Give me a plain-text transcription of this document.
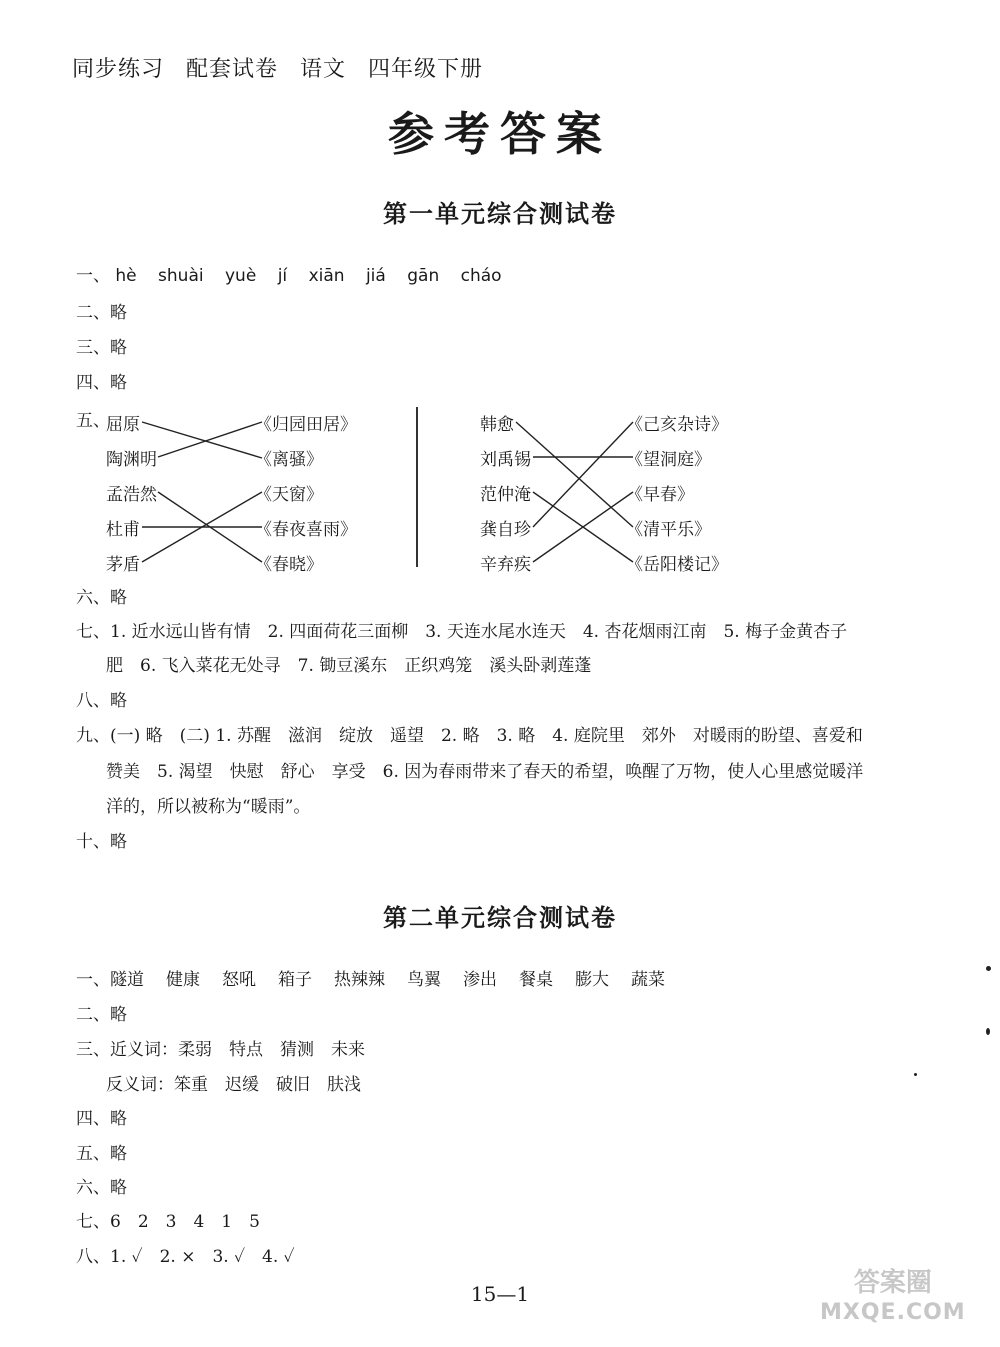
同步练习 配套试卷 语文 四年级下册
参考答案
第一单元综合测试卷
一、 hè shuài yuè jí xiān jiá gān cháo
二、略
三、略
四、略
五、
屈原
陶渊明
孟浩然
杜甫
茅盾
《归园田居》
《离骚》
《天窗》
《春夜喜雨》
《春晓》
韩愈
刘禹锡
范仲淹
龚自珍
辛弃疾
《己亥杂诗》
《望洞庭》
《早春》
《清平乐》
《岳阳楼记》
六、略
七、1. 近水远山皆有情　2. 四面荷花三面柳　3. 天连水尾水连天　4. 杏花烟雨江南　5. 梅子金黄杏子
肥　6. 飞入菜花无处寻　7. 锄豆溪东　正织鸡笼　溪头卧剥莲蓬
八、略
九、(一) 略　(二) 1. 苏醒　滋润　绽放　遥望　2. 略　3. 略　4. 庭院里　郊外　对暖雨的盼望、喜爱和
赞美　5. 渴望　快慰　舒心　享受　6. 因为春雨带来了春天的希望，唤醒了万物，使人心里感觉暖洋
洋的，所以被称为“暖雨”。
十、略
第二单元综合测试卷
一、隧道 健康 怒吼 箱子 热辣辣 鸟翼 渗出 餐桌 膨大 蔬菜
二、略
三、近义词：柔弱　特点　猜测　未来
反义词：笨重　迟缓　破旧　肤浅
四、略
五、略
六、略
七、6　2　3　4　1　5
八、1. ✓　2. ×　3. ✓　4. ✓
15—1	答案圈
MXQE.COM
